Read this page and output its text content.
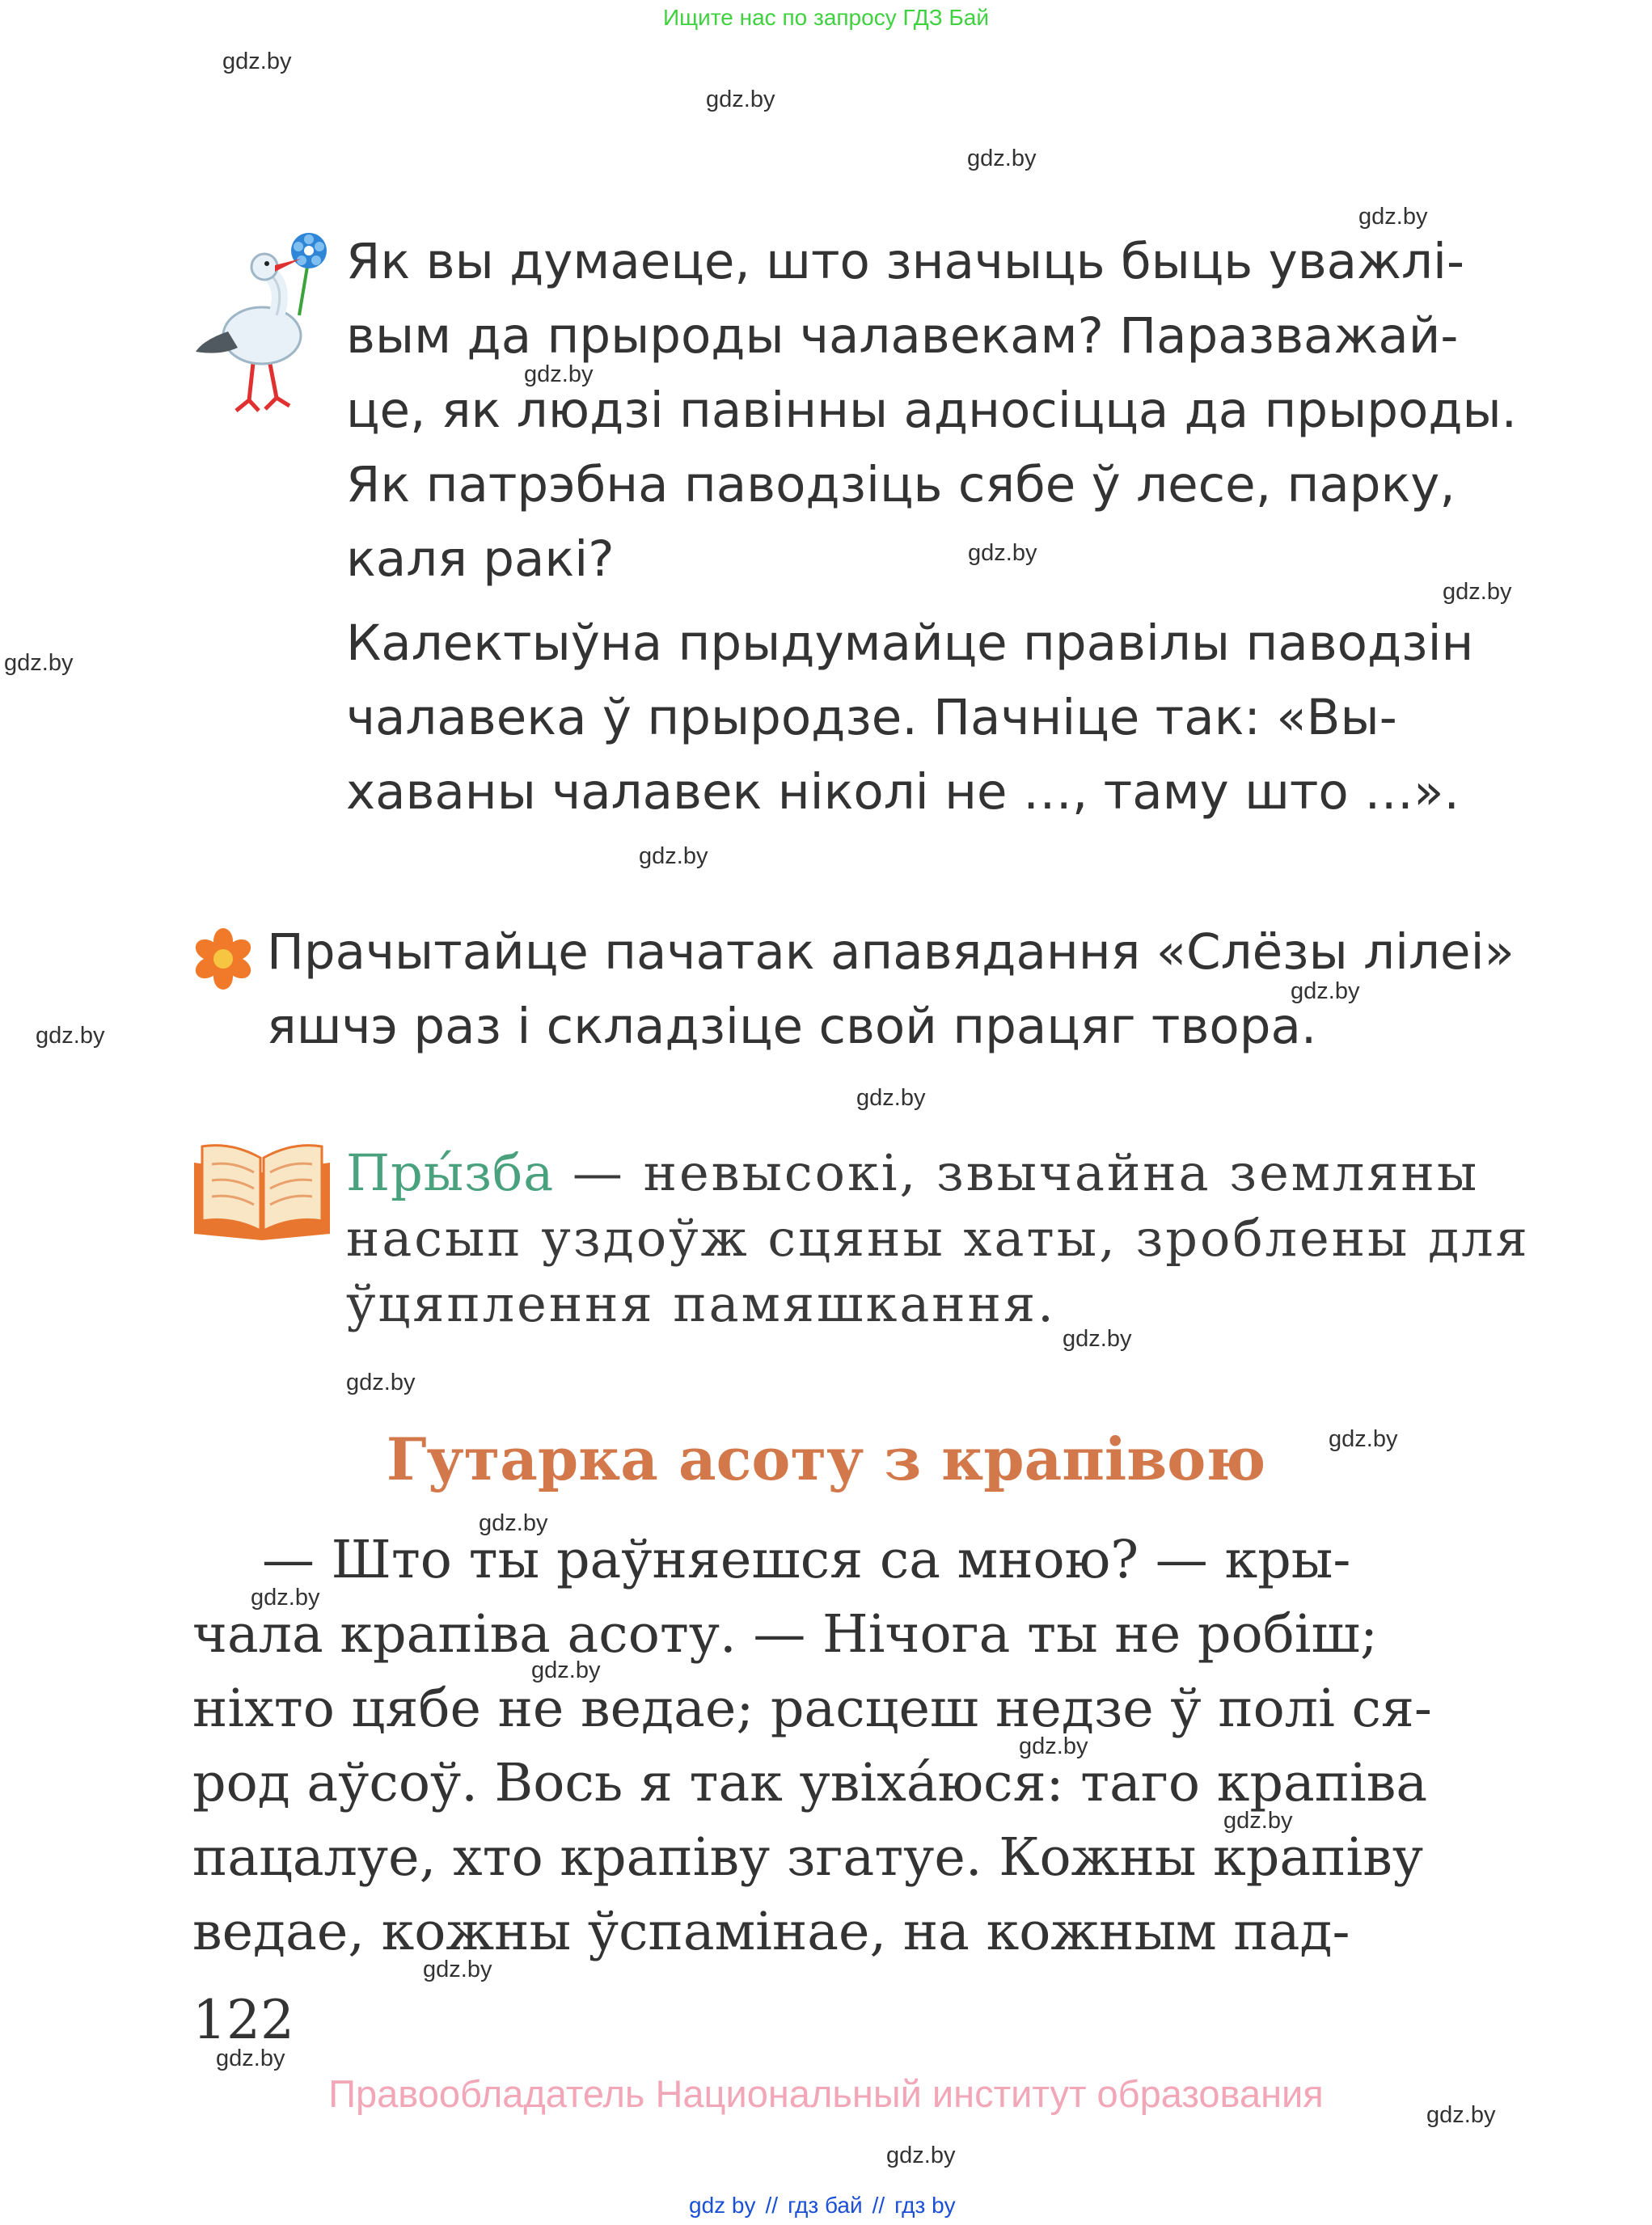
Ищите нас по запросу ГДЗ Бай
gdz.by
gdz.by
gdz.by
gdz.by
gdz.by
gdz.by
gdz.by
gdz.by
gdz.by
gdz.by
gdz.by
gdz.by
gdz.by
gdz.by
gdz.by
gdz.by
gdz.by
gdz.by
gdz.by
gdz.by
gdz.by
gdz.by
gdz.by
gdz.by

Як вы думаеце, што значыць быць уважлі-

вым да прыроды чалавекам? Паразважай-

це, як людзі павінны адносіцца да прыроды.

Як патрэбна паводзіць сябе ў лесе, парку,

каля ракі?

Калектыўна прыдумайце правілы паводзін

чалавека ў прыродзе. Пачніце так: «Вы-

хаваны чалавек ніколі не …, таму што …».

Прачытайце пачатак апавядання «Слёзы лілеі»

яшчэ раз і складзіце свой працяг твора.

Пры́зба — невысокі, звычайна земляны
насып уздоўж сцяны хаты, зроблены для
ўцяплення памяшкання.
Гутарка асоту з крапівою

— Што ты раўняешся са мною? — кры-

чала крапіва асоту. — Нічога ты не робіш;

ніхто цябе не ведае; расцеш недзе ў полі ся-

род аўсоў. Вось я так увіха́юся: таго крапіва

пацалуе, хто крапіву згатуе. Кожны крапіву

ведае, кожны ўспамінае, на кожным пад-

122
Правообладатель Национальный институт образования
gdz by // гдз бай // гдз by
